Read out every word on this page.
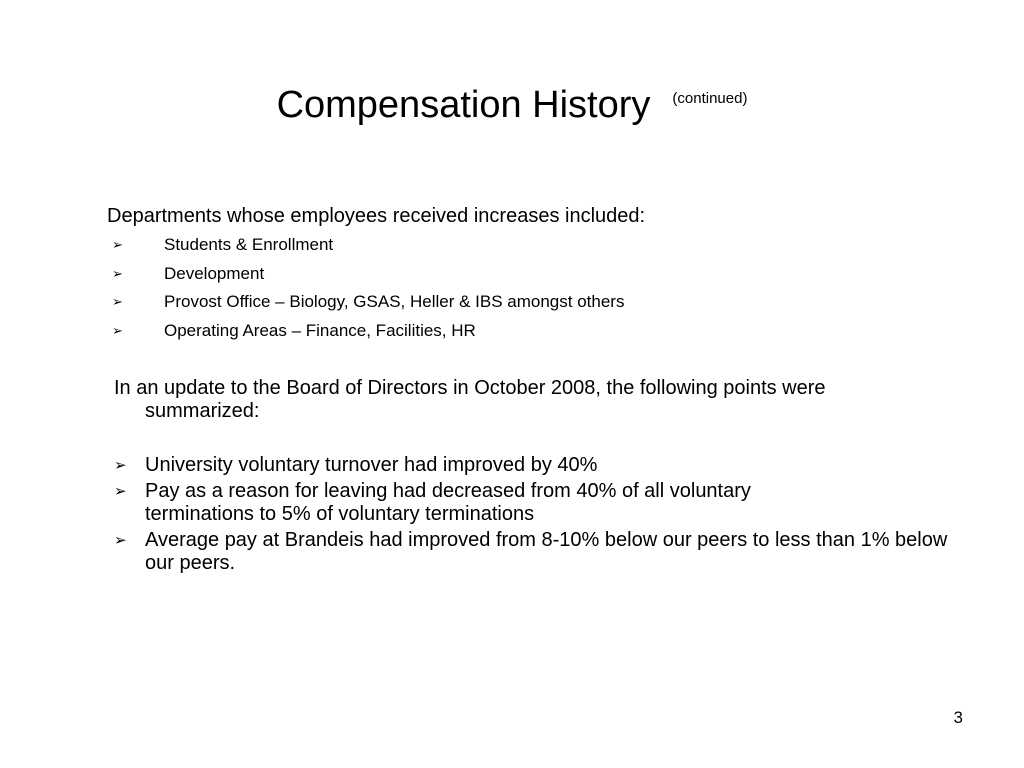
Compensation History (continued)
Departments whose employees received increases included:
➢ Students & Enrollment
➢ Development
➢ Provost Office – Biology, GSAS, Heller & IBS amongst others
➢ Operating Areas – Finance, Facilities, HR
In an update to the Board of Directors in October 2008, the following points were
summarized:
➢ University voluntary turnover had improved by 40%
➢ Pay as a reason for leaving had decreased from 40% of all voluntary terminations to 5% of voluntary terminations
➢ Average pay at Brandeis had improved from 8-10% below our peers to less than 1% below our peers.
3
